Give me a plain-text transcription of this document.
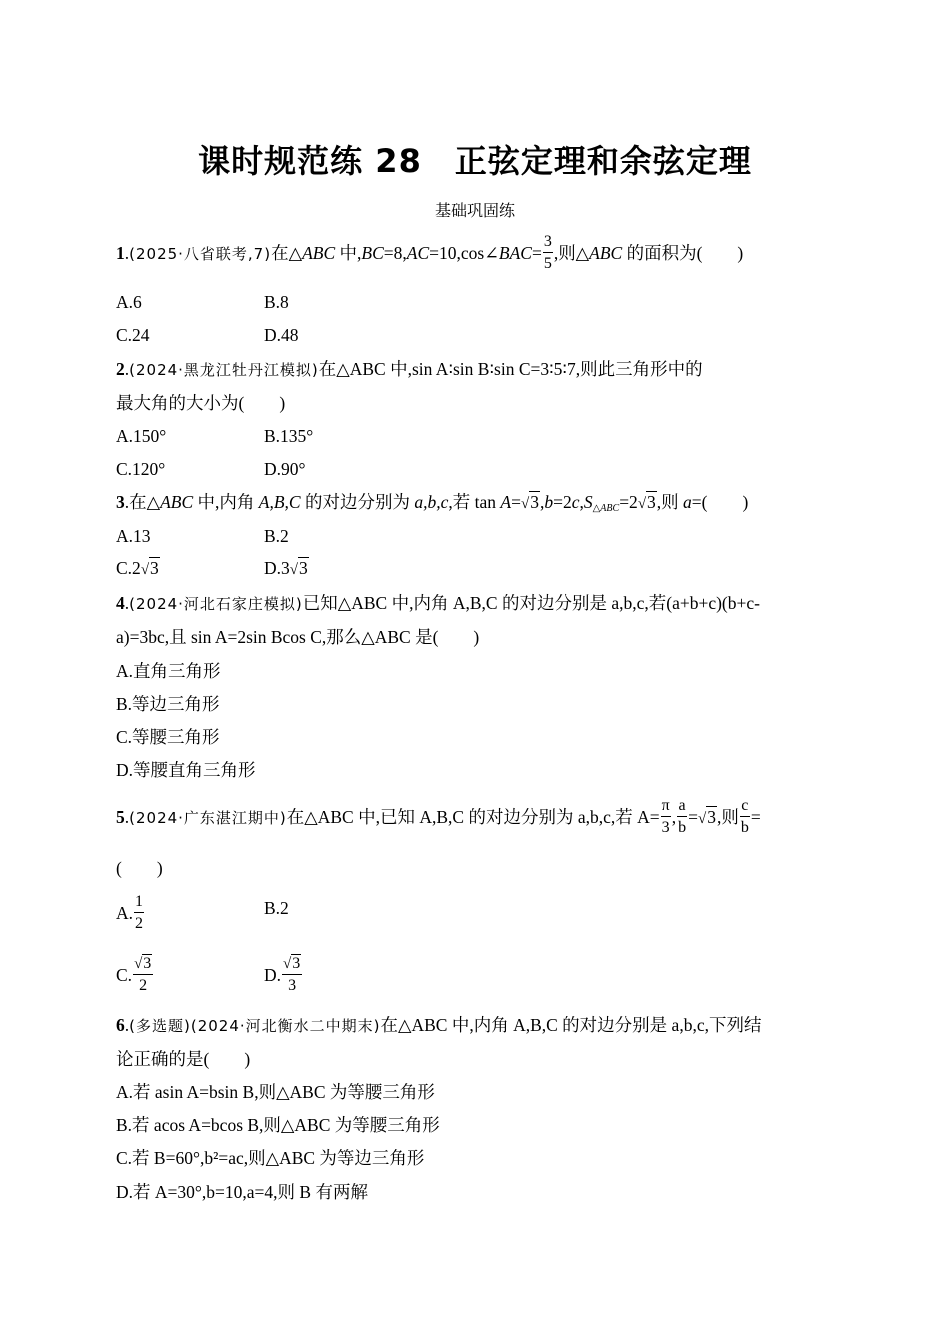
课时规范练 28　正弦定理和余弦定理
基础巩固练
1.(2025·八省联考,7)在△ABC 中,BC=8,AC=10,cos∠BAC= $\frac{3}{5}$ ,则△ABC 的面积为(　　)
A.6	B.8
C.24	D.48
2.(2024·黑龙江牡丹江模拟)在△ABC 中,sin A∶sin B∶sin C=3∶5∶7,则此三角形中的
最大角的大小为(　　)
A.150°	B.135°
C.120°	D.90°
3.在△ABC 中,内角 A,B,C 的对边分别为 a,b,c,若 $\tan A=√3,b=2c,S_{\triangle ABC}=2√3$,则 a=(　　)
A.13	B.2
C.2√3	D.3√3
4.(2024·河北石家庄模拟)已知△ABC 中,内角 A,B,C 的对边分别是 a,b,c,若(a+b+c)(b+c-
a)=3bc,且 sin A=2sin Bcos C,那么△ABC 是(　　)
A.直角三角形
B.等边三角形
C.等腰三角形
D.等腰直角三角形
5.(2024·广东湛江期中)在△ABC 中,已知 A,B,C 的对边分别为 a,b,c,若 $A= \frac{\pi}{3}$ , $\frac{a}{b} =√3$,则 $\frac{c}{b}$ =
(　　)
A. $\frac{1}{2}$	B.2
C. $\frac{√3}{2}$	D. $\frac{√3}{3}$
6.(多选题)(2024·河北衡水二中期末)在△ABC 中,内角 A,B,C 的对边分别是 a,b,c,下列结
论正确的是(　　)
A.若 asin A=bsin B,则△ABC 为等腰三角形
B.若 acos A=bcos B,则△ABC 为等腰三角形
C.若 B=60°,b²=ac,则△ABC 为等边三角形
D.若 A=30°,b=10,a=4,则 B 有两解
